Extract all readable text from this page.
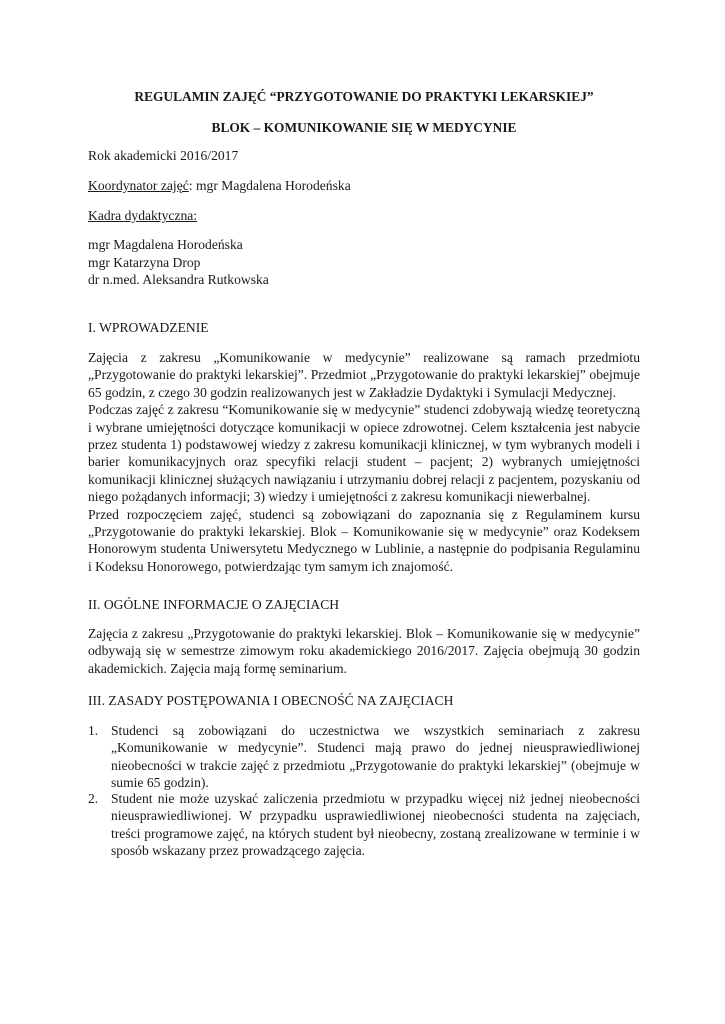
REGULAMIN ZAJĘĆ “PRZYGOTOWANIE DO PRAKTYKI LEKARSKIEJ”
BLOK – KOMUNIKOWANIE SIĘ W MEDYCYNIE
Rok akademicki 2016/2017
Koordynator zajęć: mgr Magdalena Horodeńska
Kadra dydaktyczna:
mgr Magdalena Horodeńska
mgr Katarzyna Drop
dr n.med. Aleksandra Rutkowska
I. WPROWADZENIE

Zajęcia z zakresu „Komunikowanie w medycynie” realizowane są ramach przedmiotu „Przygotowanie do praktyki lekarskiej”. Przedmiot „Przygotowanie do praktyki lekarskiej” obejmuje 65 godzin, z czego 30 godzin realizowanych jest w Zakładzie Dydaktyki i Symulacji Medycznej.

Podczas zajęć z zakresu “Komunikowanie się w medycynie” studenci zdobywają wiedzę teoretyczną i wybrane umiejętności dotyczące komunikacji w opiece zdrowotnej. Celem kształcenia jest nabycie przez studenta 1) podstawowej wiedzy z zakresu komunikacji klinicznej, w tym wybranych modeli i barier komunikacyjnych oraz specyfiki relacji student – pacjent; 2) wybranych umiejętności komunikacji klinicznej służących nawiązaniu i utrzymaniu dobrej relacji z pacjentem, pozyskaniu od niego pożądanych informacji; 3) wiedzy i umiejętności z zakresu komunikacji niewerbalnej.

Przed rozpoczęciem zajęć, studenci są zobowiązani do zapoznania się z Regulaminem kursu „Przygotowanie do praktyki lekarskiej. Blok – Komunikowanie się w medycynie” oraz Kodeksem Honorowym studenta Uniwersytetu Medycznego w Lublinie, a następnie do podpisania Regulaminu i Kodeksu Honorowego, potwierdzając tym samym ich znajomość.

II. OGÓLNE INFORMACJE O ZAJĘCIACH
Zajęcia z zakresu „Przygotowanie do praktyki lekarskiej. Blok – Komunikowanie się w medycynie” odbywają się w semestrze zimowym roku akademickiego 2016/2017. Zajęcia obejmują 30 godzin akademickich. Zajęcia mają formę seminarium.
III. ZASADY POSTĘPOWANIA I OBECNOŚĆ NA ZAJĘCIACH
1. Studenci są zobowiązani do uczestnictwa we wszystkich seminariach z zakresu „Komunikowanie w medycynie”. Studenci mają prawo do jednej nieusprawiedliwionej nieobecności w trakcie zajęć z przedmiotu „Przygotowanie do praktyki lekarskiej” (obejmuje w sumie 65 godzin).
2. Student nie może uzyskać zaliczenia przedmiotu w przypadku więcej niż jednej nieobecności nieusprawiedliwionej. W przypadku usprawiedliwionej nieobecności studenta na zajęciach, treści programowe zajęć, na których student był nieobecny, zostaną zrealizowane w terminie i w sposób wskazany przez prowadzącego zajęcia.
